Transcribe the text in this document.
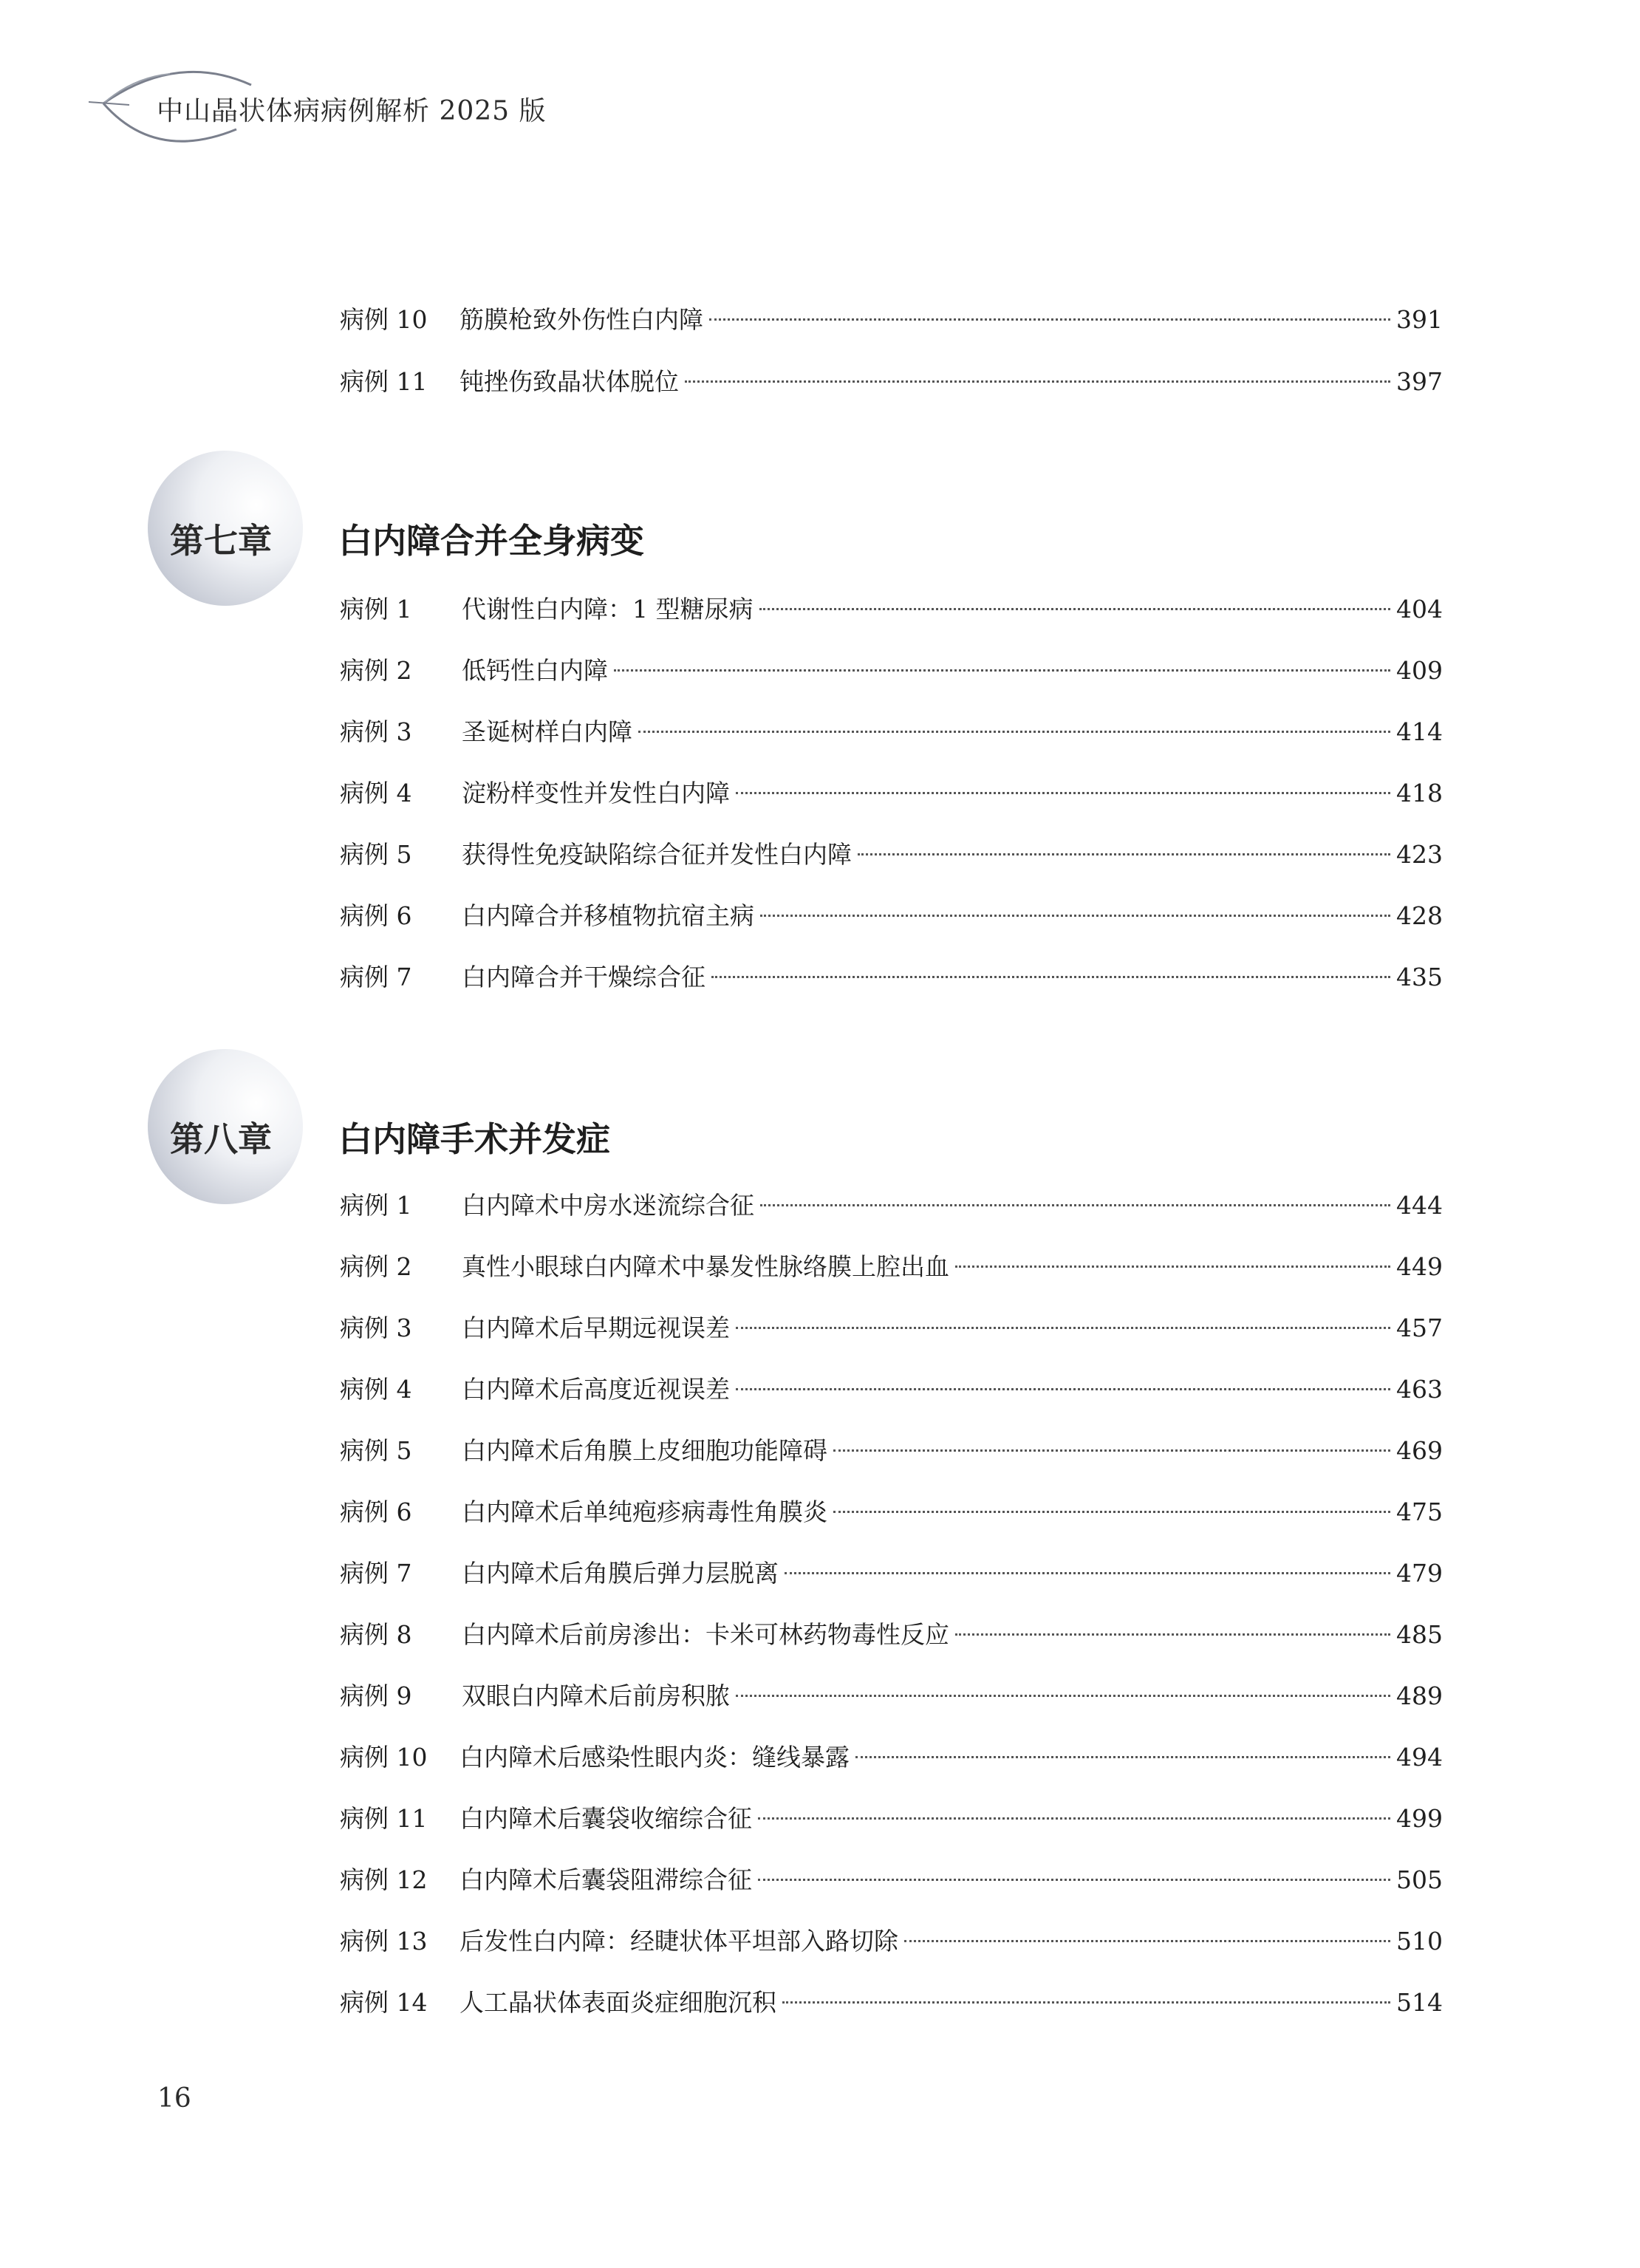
中山晶状体病病例解析 2025 版
病例 10	筋膜枪致外伤性白内障	391
病例 11	钝挫伤致晶状体脱位	397
第七章 白内障合并全身病变
病例 1	代谢性白内障：1 型糖尿病	404
病例 2	低钙性白内障	409
病例 3	圣诞树样白内障	414
病例 4	淀粉样变性并发性白内障	418
病例 5	获得性免疫缺陷综合征并发性白内障	423
病例 6	白内障合并移植物抗宿主病	428
病例 7	白内障合并干燥综合征	435
第八章 白内障手术并发症
病例 1	白内障术中房水迷流综合征	444
病例 2	真性小眼球白内障术中暴发性脉络膜上腔出血	449
病例 3	白内障术后早期远视误差	457
病例 4	白内障术后高度近视误差	463
病例 5	白内障术后角膜上皮细胞功能障碍	469
病例 6	白内障术后单纯疱疹病毒性角膜炎	475
病例 7	白内障术后角膜后弹力层脱离	479
病例 8	白内障术后前房渗出：卡米可林药物毒性反应	485
病例 9	双眼白内障术后前房积脓	489
病例 10	白内障术后感染性眼内炎：缝线暴露	494
病例 11	白内障术后囊袋收缩综合征	499
病例 12	白内障术后囊袋阻滞综合征	505
病例 13	后发性白内障：经睫状体平坦部入路切除	510
病例 14	人工晶状体表面炎症细胞沉积	514
16
